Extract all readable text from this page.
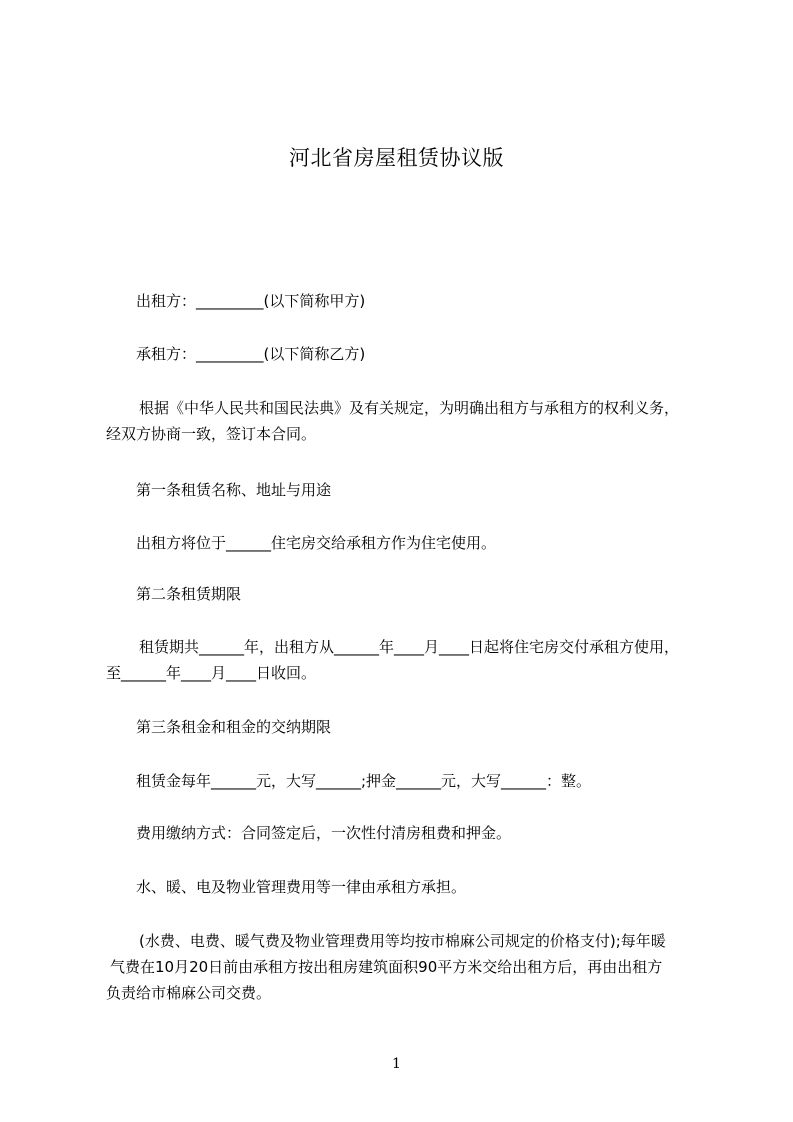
河北省房屋租赁协议版
出租方：_________(以下简称甲方)
承租方：_________(以下简称乙方)
根据《中华人民共和国民法典》及有关规定，为明确出租方与承租方的权利义务，
经双方协商一致，签订本合同。
第一条租赁名称、地址与用途
出租方将位于______住宅房交给承租方作为住宅使用。
第二条租赁期限
租赁期共______年，出租方从______年____月____日起将住宅房交付承租方使用，
至______年____月____日收回。
第三条租金和租金的交纳期限
租赁金每年______元，大写______;押金______元，大写______：整。
费用缴纳方式：合同签定后，一次性付清房租费和押金。
水、暖、电及物业管理费用等一律由承租方承担。
(水费、电费、暖气费及物业管理费用等均按市棉麻公司规定的价格支付);每年暖
气费在10月20日前由承租方按出租房建筑面积90平方米交给出租方后，再由出租方
负责给市棉麻公司交费。
1
